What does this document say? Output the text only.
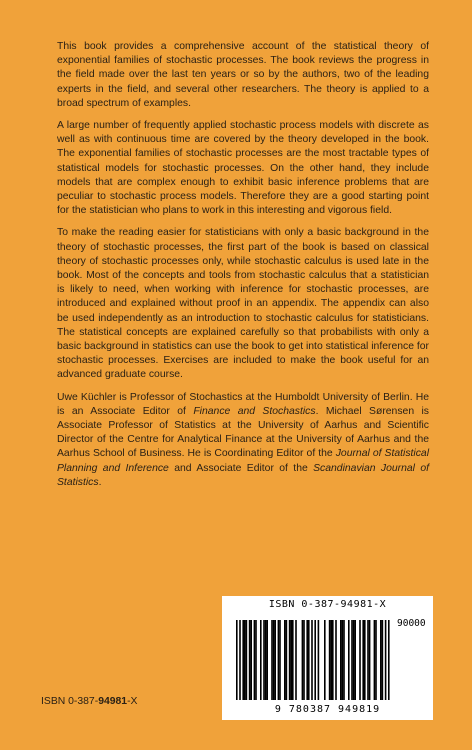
This book provides a comprehensive account of the statistical theory of exponential families of stochastic processes. The book reviews the progress in the field made over the last ten years or so by the authors, two of the leading experts in the field, and several other researchers. The theory is applied to a broad spectrum of examples.

A large number of frequently applied stochastic process models with discrete as well as with continuous time are covered by the theory developed in the book. The exponential families of stochastic processes are the most tractable types of statistical models for stochastic processes. On the other hand, they include models that are complex enough to exhibit basic inference problems that are peculiar to stochastic process models. Therefore they are a good starting point for the statistician who plans to work in this interesting and vigorous field.

To make the reading easier for statisticians with only a basic background in the theory of stochastic processes, the first part of the book is based on classical theory of stochastic processes only, while stochastic calculus is used late in the book. Most of the concepts and tools from stochastic calculus that a statistician is likely to need, when working with inference for stochastic processes, are introduced and explained without proof in an appendix. The appendix can also be used independently as an introduction to stochastic calculus for statisticians. The statistical concepts are explained carefully so that probabilists with only a basic background in statistics can use the book to get into statistical inference for stochastic processes. Exercises are included to make the book useful for an advanced graduate course.

Uwe Küchler is Professor of Stochastics at the Humboldt University of Berlin. He is an Associate Editor of Finance and Stochastics. Michael Sørensen is Associate Professor of Statistics at the University of Aarhus and Scientific Director of the Centre for Analytical Finance at the University of Aarhus and the Aarhus School of Business. He is Coordinating Editor of the Journal of Statistical Planning and Inference and Associate Editor of the Scandinavian Journal of Statistics.

ISBN 0-387-94981-X
90000
9 780387 949819
ISBN 0-387-94981-X
